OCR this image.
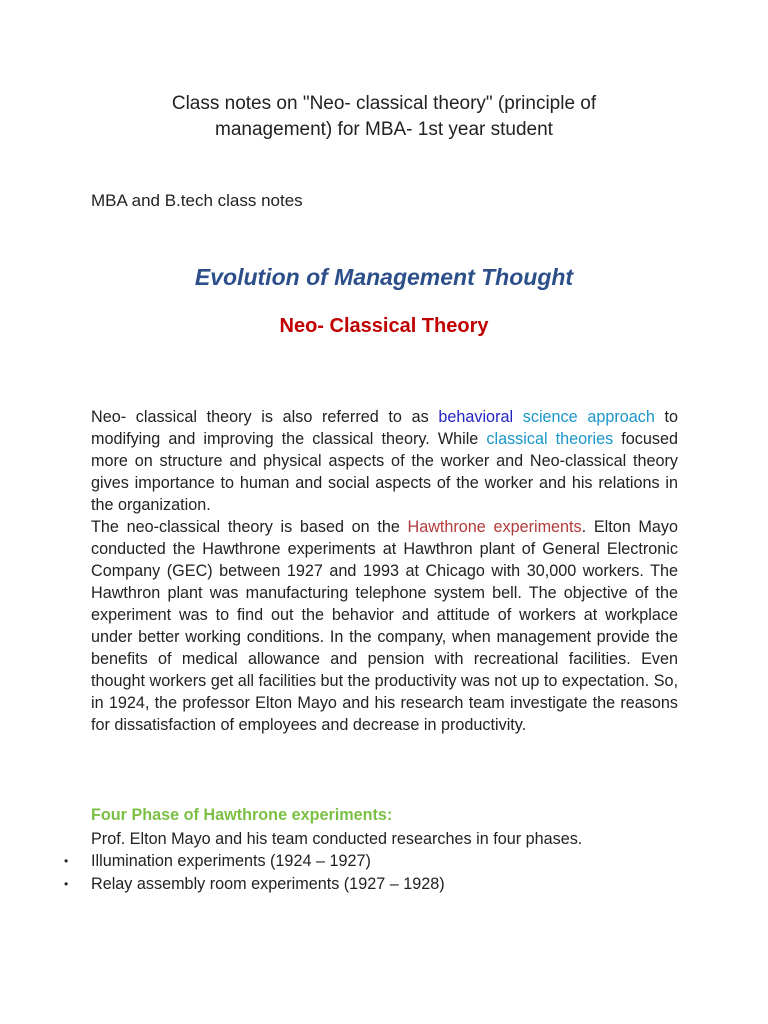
Class notes on "Neo- classical theory" (principle of
management) for MBA- 1st year student
MBA and B.tech class notes
Evolution of Management Thought
Neo- Classical Theory

Neo- classical theory is also referred to as behavioral science approach to modifying and improving the classical theory. While classical theories focused more on structure and physical aspects of the worker and Neo-classical theory gives importance to human and social aspects of the worker and his relations in the organization.

The neo-classical theory is based on the Hawthrone experiments. Elton Mayo conducted the Hawthrone experiments at Hawthron plant of General Electronic Company (GEC) between 1927 and 1993 at Chicago with 30,000 workers. The Hawthron plant was manufacturing telephone system bell. The objective of the experiment was to find out the behavior and attitude of workers at workplace under better working conditions. In the company, when management provide the benefits of medical allowance and pension with recreational facilities. Even thought workers get all facilities but the productivity was not up to expectation. So, in 1924, the professor Elton Mayo and his research team investigate the reasons for dissatisfaction of employees and decrease in productivity.

Four Phase of Hawthrone experiments:
Prof. Elton Mayo and his team conducted researches in four phases.
• Illumination experiments (1924 – 1927)
• Relay assembly room experiments (1927 – 1928)
